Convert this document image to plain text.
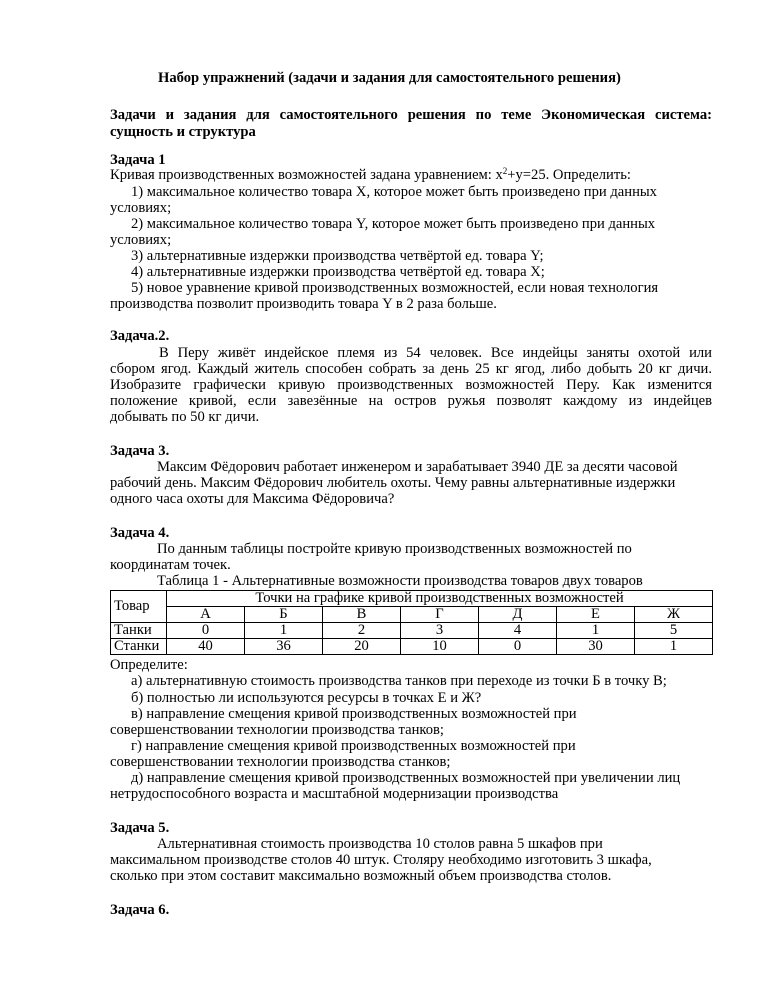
Набор упражнений (задачи и задания для самостоятельного решения)

Задачи и задания для самостоятельного решения по теме Экономическая система:

сущность и структура

Задача 1

Кривая производственных возможностей задана уравнением: $x^2+y=25$. Определить:

1) максимальное количество товара X, которое может быть произведено при данных

условиях;

2) максимальное количество товара Y, которое может быть произведено при данных

условиях;

3) альтернативные издержки производства четвёртой ед. товара Y;

4) альтернативные издержки производства четвёртой ед. товара X;

5) новое уравнение кривой производственных возможностей, если новая технология

производства позволит производить товара Y в 2 раза больше.

Задача.2.

В Перу живёт индейское племя из 54 человек. Все индейцы заняты охотой или

сбором ягод. Каждый житель способен собрать за день 25 кг ягод, либо добыть 20 кг дичи.

Изобразите графически кривую производственных возможностей Перу. Как изменится

положение кривой, если завезённые на остров ружья позволят каждому из индейцев

добывать по 50 кг дичи.

Задача 3.

Максим Фёдорович работает инженером и зарабатывает 3940 ДЕ за десяти часовой

рабочий день. Максим Фёдорович любитель охоты. Чему равны альтернативные издержки

одного часа охоты для Максима Фёдоровича?

Задача 4.

По данным таблицы постройте кривую производственных возможностей по

координатам точек.

Таблица 1 - Альтернативные возможности производства товаров двух товаров

Товар	Точки на графике кривой производственных возможностей						
	А	Б	В	Г	Д	Е	Ж
Танки	0	1	2	3	4	1	5
Станки	40	36	20	10	0	30	1

Определите:

а) альтернативную стоимость производства танков при переходе из точки Б в точку В;

б) полностью ли используются ресурсы в точках Е и Ж?

в) направление смещения кривой производственных возможностей при

совершенствовании технологии производства танков;

г) направление смещения кривой производственных возможностей при

совершенствовании технологии производства станков;

д) направление смещения кривой производственных возможностей при увеличении лиц

нетрудоспособного возраста и масштабной модернизации производства

Задача 5.

Альтернативная стоимость производства 10 столов равна 5 шкафов при

максимальном производстве столов 40 штук. Столяру необходимо изготовить 3 шкафа,

сколько при этом составит максимально возможный объем производства столов.

Задача 6.
